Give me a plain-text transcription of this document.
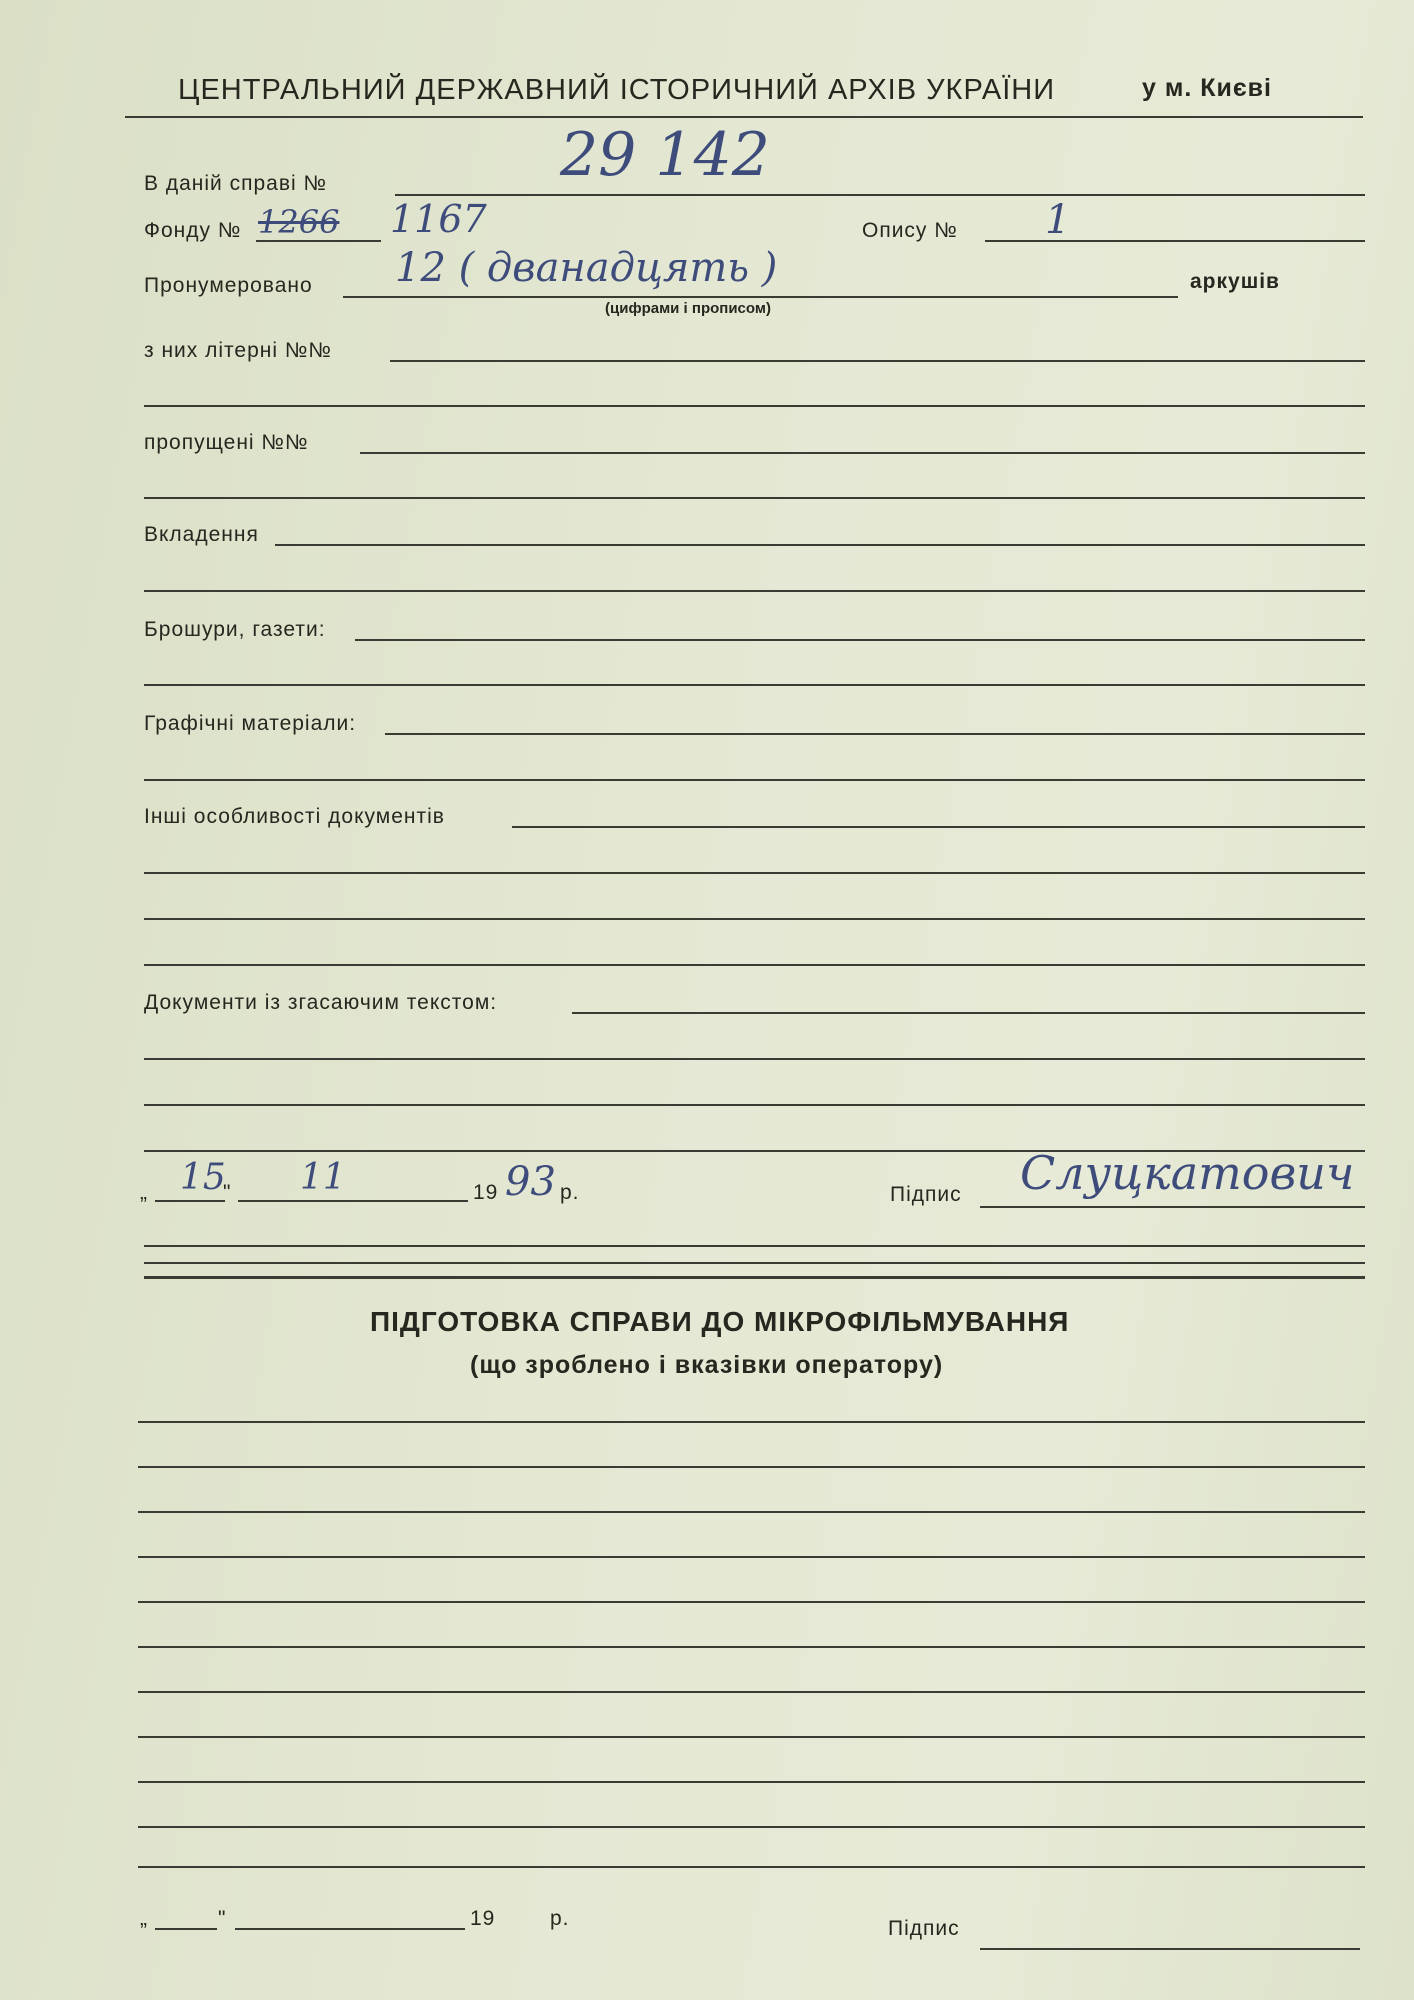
ЦЕНТРАЛЬНИЙ ДЕРЖАВНИЙ ІСТОРИЧНИЙ АРХІВ УКРАЇНИ	у м. Києві
В даній справі №	29 142
Фонду № 1266 1167	Опису № 1
Пронумеровано 12 ( дванадцять )	аркушів
(цифрами і прописом)
з них літерні №№
пропущені №№
Вкладення
Брошури, газети:
Графічні матеріали:
Інші особливості документів
Документи із згасаючим текстом:
„ 15
" 11	19 93 р.	Підпис Слуцкатович
ПІДГОТОВКА СПРАВИ ДО МІКРОФІЛЬМУВАННЯ
(що зроблено і вказівки оператору)
„	"	19	р.	Підпис
